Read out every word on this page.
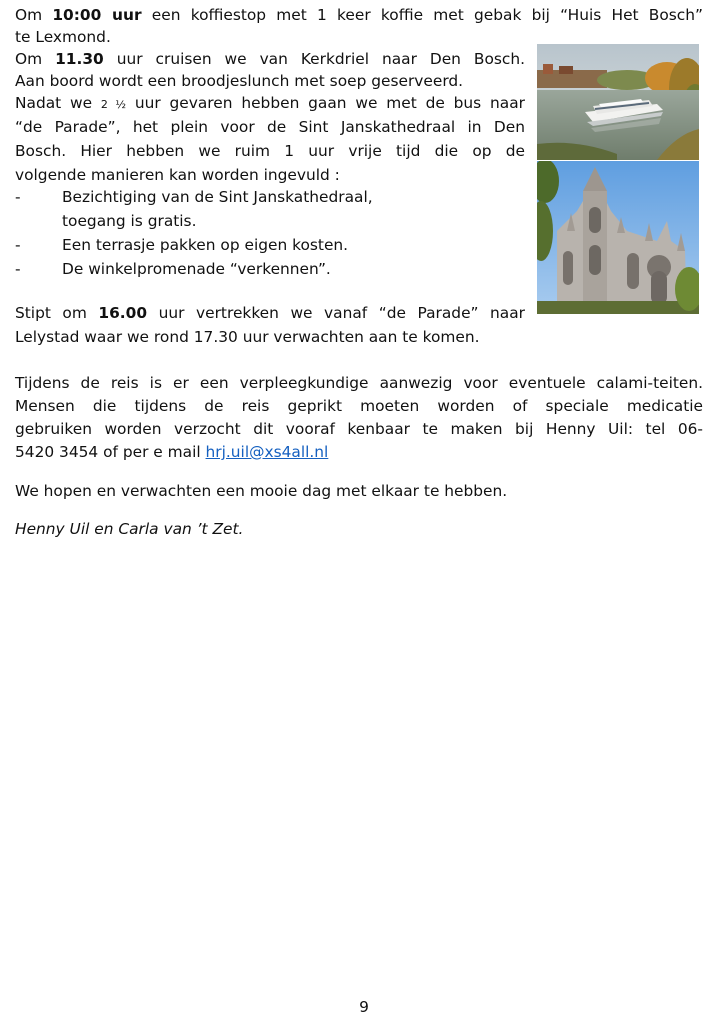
Om 10:00 uur een koffiestop met 1 keer koffie met gebak bij “Huis Het Bosch”
te Lexmond.
Om 11.30 uur cruisen we van Kerkdriel naar Den Bosch.
Aan boord wordt een broodjeslunch met soep geserveerd.
Nadat we 2 ½ uur gevaren hebben gaan we met de bus naar
“de Parade”, het plein voor de Sint Janskathedraal in Den
Bosch. Hier hebben we ruim 1 uur vrije tijd die op de
volgende manieren kan worden ingevuld :
-	Bezichtiging van de Sint Janskathedraal,
toegang is gratis.
-	Een terrasje pakken op eigen kosten.
-	De winkelpromenade “verkennen”.
Stipt om 16.00 uur vertrekken we vanaf “de Parade” naar
Lelystad waar we rond 17.30 uur verwachten aan te komen.
Tijdens de reis is er een verpleegkundige aanwezig voor eventuele calami-teiten.
Mensen die tijdens de reis geprikt moeten worden of speciale medicatie
gebruiken worden verzocht dit vooraf kenbaar te maken bij Henny Uil: tel 06-
5420 3454 of per e mail hrj.uil@xs4all.nl
We hopen en verwachten een mooie dag met elkaar te hebben.
Henny Uil en Carla van ’t Zet.
9
